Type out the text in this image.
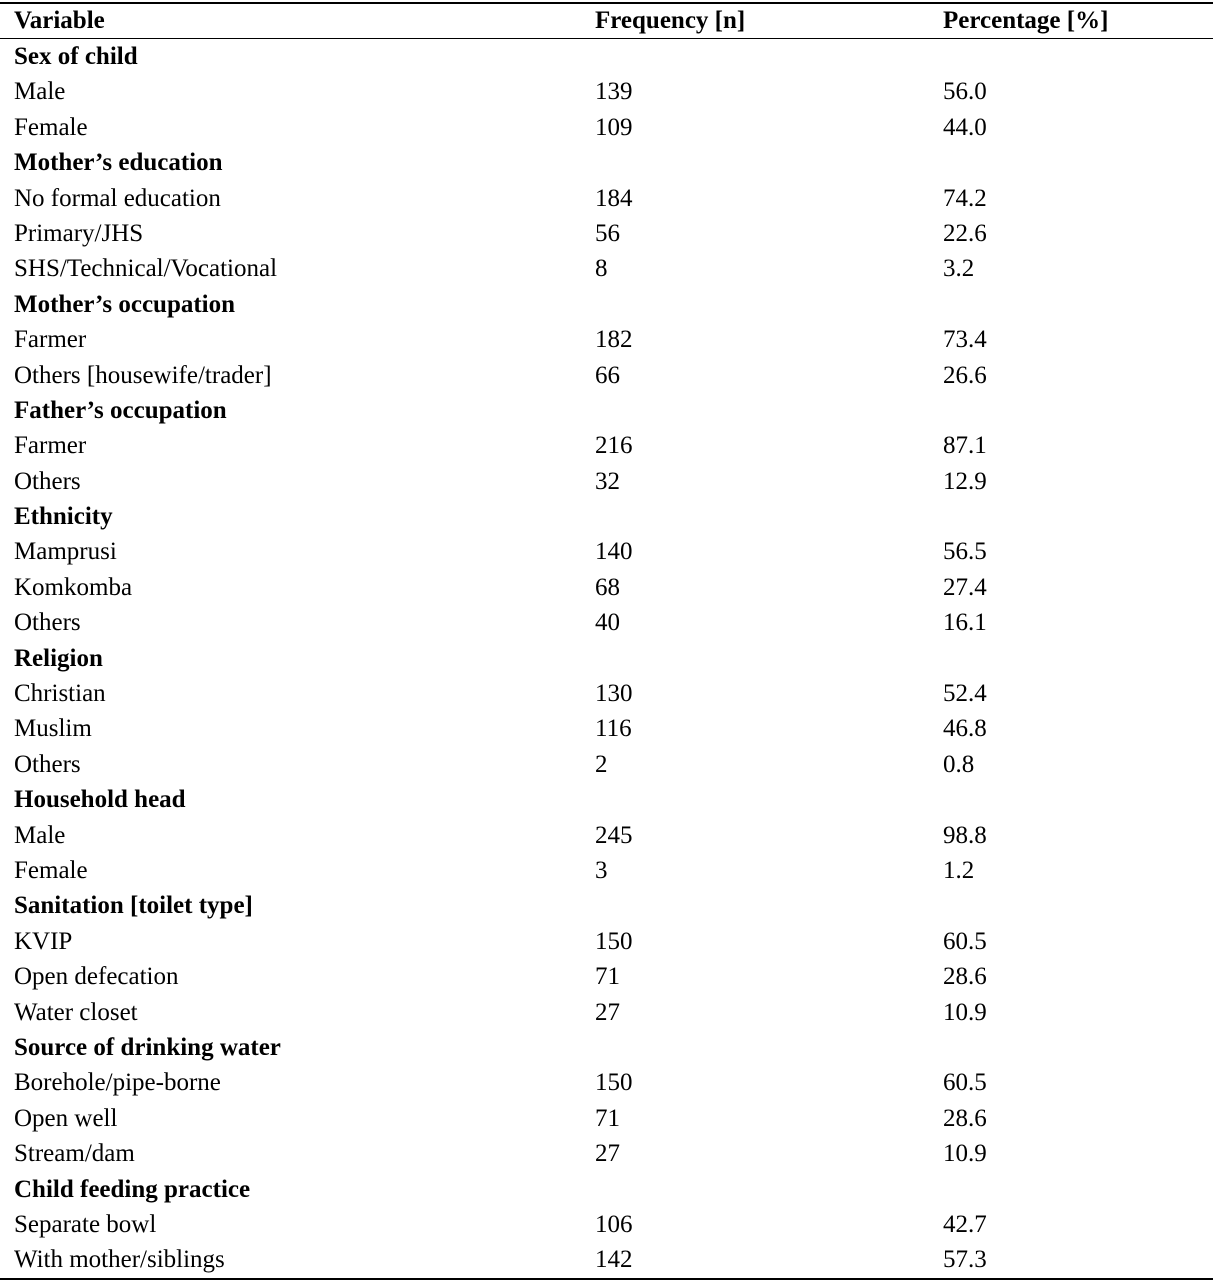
Variable	Frequency [n]	Percentage [%]
Sex of child
Male	139	56.0
Female	109	44.0
Mother’s education
No formal education	184	74.2
Primary/JHS	56	22.6
SHS/Technical/Vocational	8	3.2
Mother’s occupation
Farmer	182	73.4
Others [housewife/trader]	66	26.6
Father’s occupation
Farmer	216	87.1
Others	32	12.9
Ethnicity
Mamprusi	140	56.5
Komkomba	68	27.4
Others	40	16.1
Religion
Christian	130	52.4
Muslim	116	46.8
Others	2	0.8
Household head
Male	245	98.8
Female	3	1.2
Sanitation [toilet type]
KVIP	150	60.5
Open defecation	71	28.6
Water closet	27	10.9
Source of drinking water
Borehole/pipe-borne	150	60.5
Open well	71	28.6
Stream/dam	27	10.9
Child feeding practice
Separate bowl	106	42.7
With mother/siblings	142	57.3
